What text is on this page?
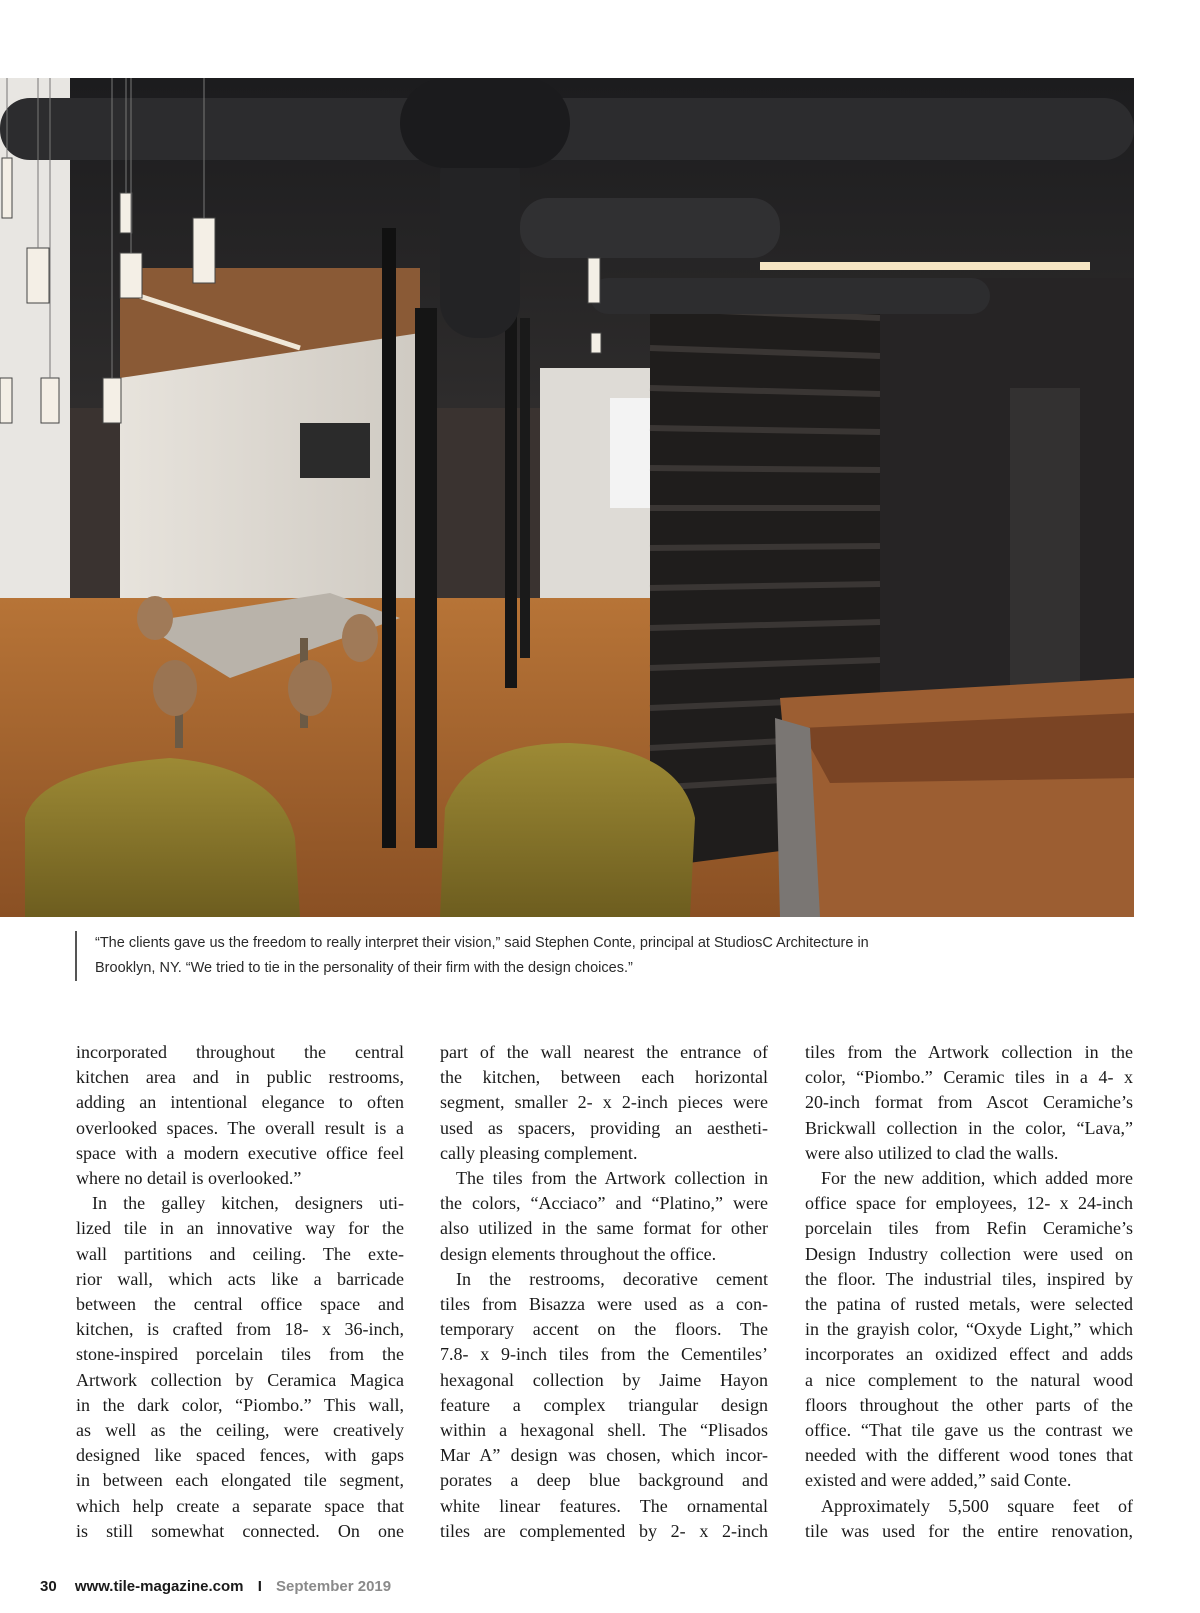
“The clients gave us the freedom to really interpret their vision,” said Stephen Conte, principal at StudiosC Architecture in
Brooklyn, NY. “We tried to tie in the personality of their firm with the design choices.”
incorporated throughout the central
kitchen area and in public restrooms,
adding an intentional elegance to often
overlooked spaces. The overall result is a
space with a modern executive office feel
where no detail is overlooked.”
In the galley kitchen, designers uti-
lized tile in an innovative way for the
wall partitions and ceiling. The exte-
rior wall, which acts like a barricade
between the central office space and
kitchen, is crafted from 18- x 36-inch,
stone-inspired porcelain tiles from the
Artwork collection by Ceramica Magica
in the dark color, “Piombo.” This wall,
as well as the ceiling, were creatively
designed like spaced fences, with gaps
in between each elongated tile segment,
which help create a separate space that
is still somewhat connected. On one
part of the wall nearest the entrance of
the kitchen, between each horizontal
segment, smaller 2- x 2-inch pieces were
used as spacers, providing an aestheti-
cally pleasing complement.
The tiles from the Artwork collection in
the colors, “Acciaco” and “Platino,” were
also utilized in the same format for other
design elements throughout the office.
In the restrooms, decorative cement
tiles from Bisazza were used as a con-
temporary accent on the floors. The
7.8- x 9-inch tiles from the Cementiles’
hexagonal collection by Jaime Hayon
feature a complex triangular design
within a hexagonal shell. The “Plisados
Mar A” design was chosen, which incor-
porates a deep blue background and
white linear features. The ornamental
tiles are complemented by 2- x 2-inch
tiles from the Artwork collection in the
color, “Piombo.” Ceramic tiles in a 4- x
20-inch format from Ascot Ceramiche’s
Brickwall collection in the color, “Lava,”
were also utilized to clad the walls.
For the new addition, which added more
office space for employees, 12- x 24-inch
porcelain tiles from Refin Ceramiche’s
Design Industry collection were used on
the floor. The industrial tiles, inspired by
the patina of rusted metals, were selected
in the grayish color, “Oxyde Light,” which
incorporates an oxidized effect and adds
a nice complement to the natural wood
floors throughout the other parts of the
office. “That tile gave us the contrast we
needed with the different wood tones that
existed and were added,” said Conte.
Approximately 5,500 square feet of
tile was used for the entire renovation,
30 www.tile-magazine.com I September 2019
